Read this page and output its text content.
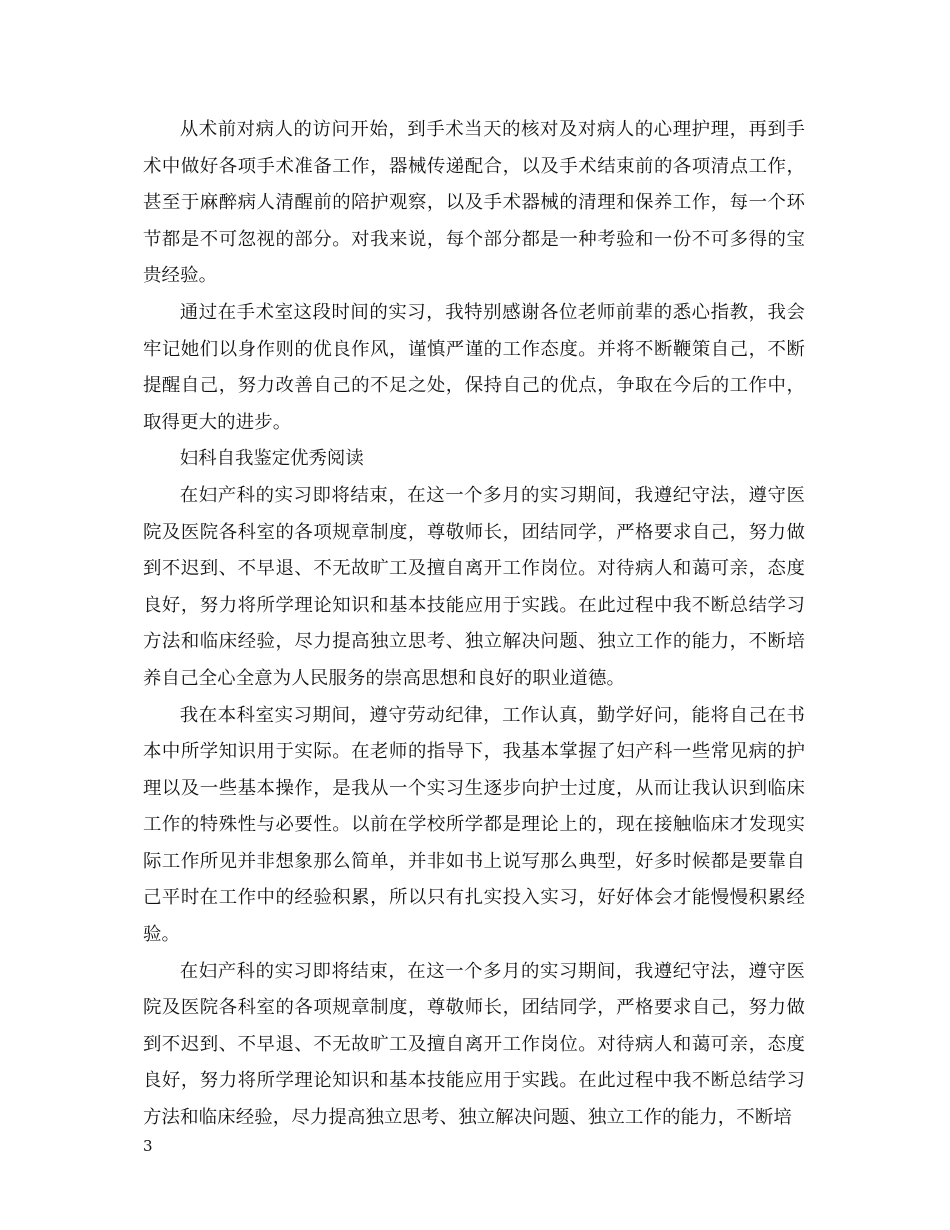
从术前对病人的访问开始，到手术当天的核对及对病人的心理护理，再到手术中做好各项手术准备工作，器械传递配合，以及手术结束前的各项清点工作，甚至于麻醉病人清醒前的陪护观察，以及手术器械的清理和保养工作，每一个环节都是不可忽视的部分。对我来说，每个部分都是一种考验和一份不可多得的宝贵经验。

通过在手术室这段时间的实习，我特别感谢各位老师前辈的悉心指教，我会牢记她们以身作则的优良作风，谨慎严谨的工作态度。并将不断鞭策自己，不断提醒自己，努力改善自己的不足之处，保持自己的优点，争取在今后的工作中，取得更大的进步。

妇科自我鉴定优秀阅读

在妇产科的实习即将结束，在这一个多月的实习期间，我遵纪守法，遵守医院及医院各科室的各项规章制度，尊敬师长，团结同学，严格要求自己，努力做到不迟到、不早退、不无故旷工及擅自离开工作岗位。对待病人和蔼可亲，态度良好，努力将所学理论知识和基本技能应用于实践。在此过程中我不断总结学习方法和临床经验，尽力提高独立思考、独立解决问题、独立工作的能力，不断培养自己全心全意为人民服务的崇高思想和良好的职业道德。

我在本科室实习期间，遵守劳动纪律，工作认真，勤学好问，能将自己在书本中所学知识用于实际。在老师的指导下，我基本掌握了妇产科一些常见病的护理以及一些基本操作，是我从一个实习生逐步向护士过度，从而让我认识到临床工作的特殊性与必要性。以前在学校所学都是理论上的，现在接触临床才发现实际工作所见并非想象那么简单，并非如书上说写那么典型，好多时候都是要靠自己平时在工作中的经验积累，所以只有扎实投入实习，好好体会才能慢慢积累经验。

在妇产科的实习即将结束，在这一个多月的实习期间，我遵纪守法，遵守医院及医院各科室的各项规章制度，尊敬师长，团结同学，严格要求自己，努力做到不迟到、不早退、不无故旷工及擅自离开工作岗位。对待病人和蔼可亲，态度良好，努力将所学理论知识和基本技能应用于实践。在此过程中我不断总结学习方法和临床经验，尽力提高独立思考、独立解决问题、独立工作的能力，不断培

3
